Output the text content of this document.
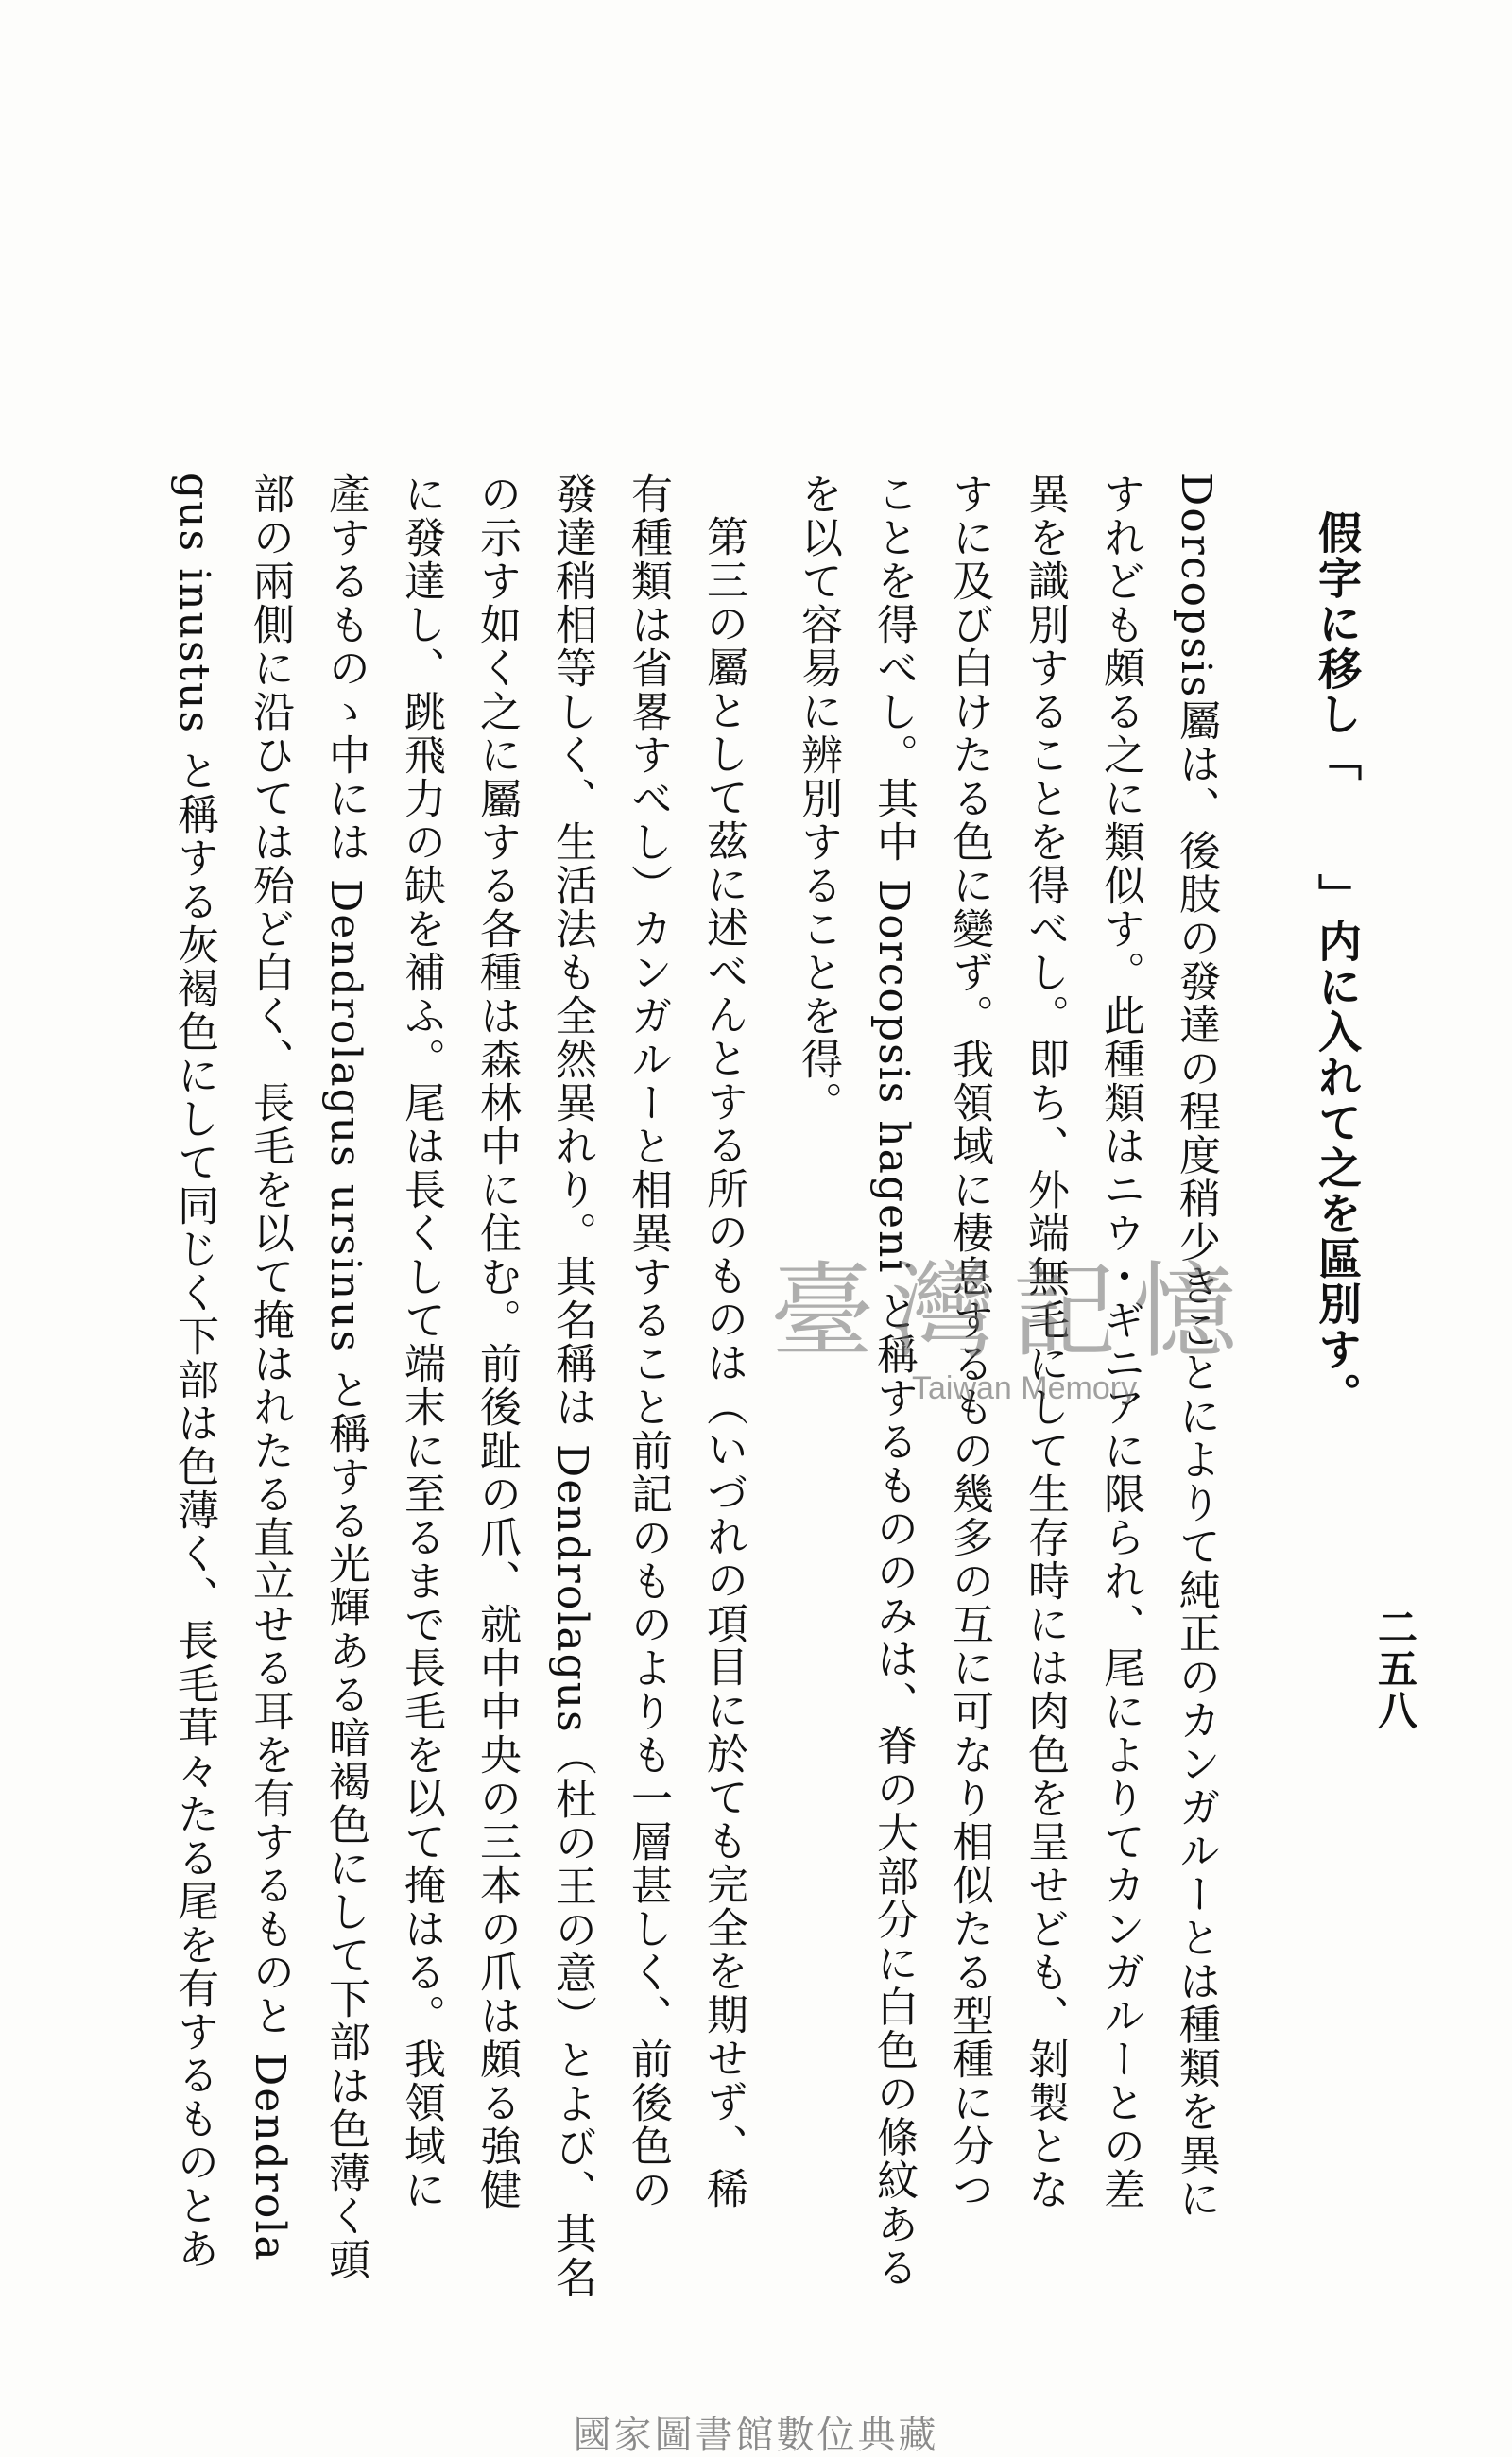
二五八
假字に移し「　　」内に入れて之を區別す。
Dorcopsis屬は、後肢の發達の程度稍少きことによりて純正のカンガルーとは種類を異に
すれども頗る之に類似す。此種類はニウ・ギニアに限られ、尾によりてカンガルーとの差
異を識別することを得べし。即ち、外端無毛にして生存時には肉色を呈せども、剝製とな
すに及び白けたる色に變ず。我領域に棲息するもの幾多の互に可なり相似たる型種に分つ
ことを得べし。其中 Dorcopsis hageni と稱するもののみは、脊の大部分に白色の條紋ある
を以て容易に辨別することを得。
第三の屬として茲に述べんとする所のものは（いづれの項目に於ても完全を期せず、稀
有種類は省畧すべし）カンガルーと相異すること前記のものよりも一層甚しく、前後色の
發達稍相等しく、生活法も全然異れり。其名稱は Dendrolagus（杜の王の意）とよび、其名
の示す如く之に屬する各種は森林中に住む。前後趾の爪、就中中央の三本の爪は頗る強健
に發達し、跳飛力の缺を補ふ。尾は長くして端末に至るまで長毛を以て掩はる。我領域に
產するものゝ中には Dendrolagus ursinus と稱する光輝ある暗褐色にして下部は色薄く頭
部の兩側に沿ひては殆ど白く、長毛を以て掩はれたる直立せる耳を有するものと Dendrola
gus inustus と稱する灰褐色にして同じく下部は色薄く、長毛茸々たる尾を有するものとあ	臺灣記憶
Taiwan Memory
國家圖書館數位典藏
